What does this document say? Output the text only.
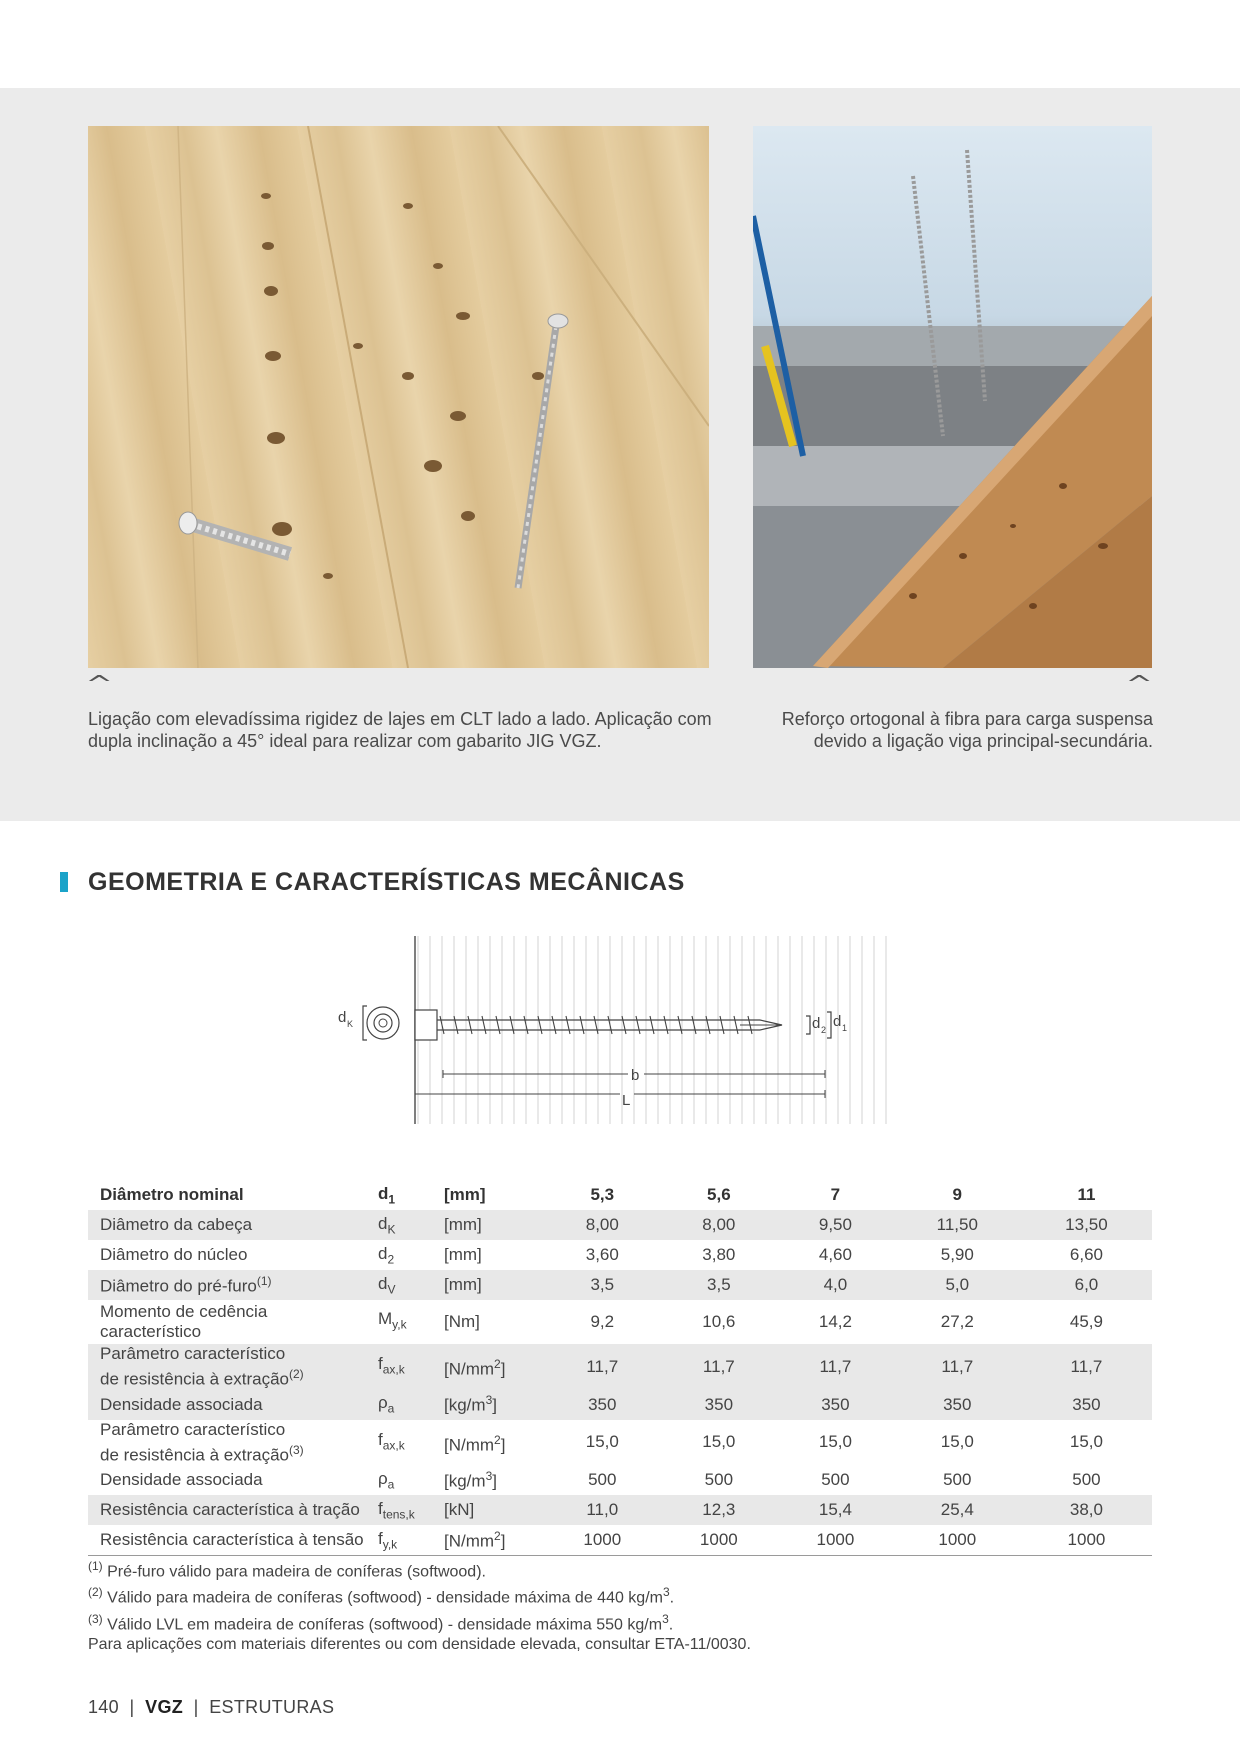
^	^

Ligação com elevadíssima rigidez de lajes em CLT lado a lado. Aplicação com dupla inclinação a 45° ideal para realizar com gabarito JIG VGZ.

Reforço ortogonal à fibra para carga suspensa devido a ligação viga principal-secundária.

GEOMETRIA E CARACTERÍSTICAS MECÂNICAS
d K	d 2 d 1
b
L
Diâmetro nominal	$d_1$	[mm]	5,3	5,6	7	9	11
Diâmetro da cabeça	$d_K$	[mm]	8,00	8,00	9,50	11,50	13,50
Diâmetro do núcleo	$d_2$	[mm]	3,60	3,80	4,60	5,90	6,60
Diâmetro do pré-furo$^{(1)}$	$d_V$	[mm]	3,5	3,5	4,0	5,0	6,0
Momento de cedência
característico	$M_{y,k}$	[Nm]	9,2	10,6	14,2	27,2	45,9
Parâmetro característico
de resistência à extração$^{(2)}$	$f_{ax,k}$	$[N/mm^2]$	11,7	11,7	11,7	11,7	11,7
Densidade associada	$\rho_a$	$[kg/m^3]$	350	350	350	350	350
Parâmetro característico
de resistência à extração$^{(3)}$	$f_{ax,k}$	$[N/mm^2]$	15,0	15,0	15,0	15,0	15,0
Densidade associada	$\rho_a$	$[kg/m^3]$	500	500	500	500	500
Resistência característica à tração	$f_{tens,k}$	[kN]	11,0	12,3	15,4	25,4	38,0
Resistência característica à tensão	$f_{y,k}$	$[N/mm^2]$	1000	1000	1000	1000	1000
$^{(1)}$ Pré-furo válido para madeira de coníferas (softwood).
$^{(2)}$ Válido para madeira de coníferas (softwood) - densidade máxima de 440 $kg/m^3$.
$^{(3)}$ Válido LVL em madeira de coníferas (softwood) - densidade máxima 550 $kg/m^3$.
Para aplicações com materiais diferentes ou com densidade elevada, consultar ETA-11/0030.
140 | VGZ | ESTRUTURAS
